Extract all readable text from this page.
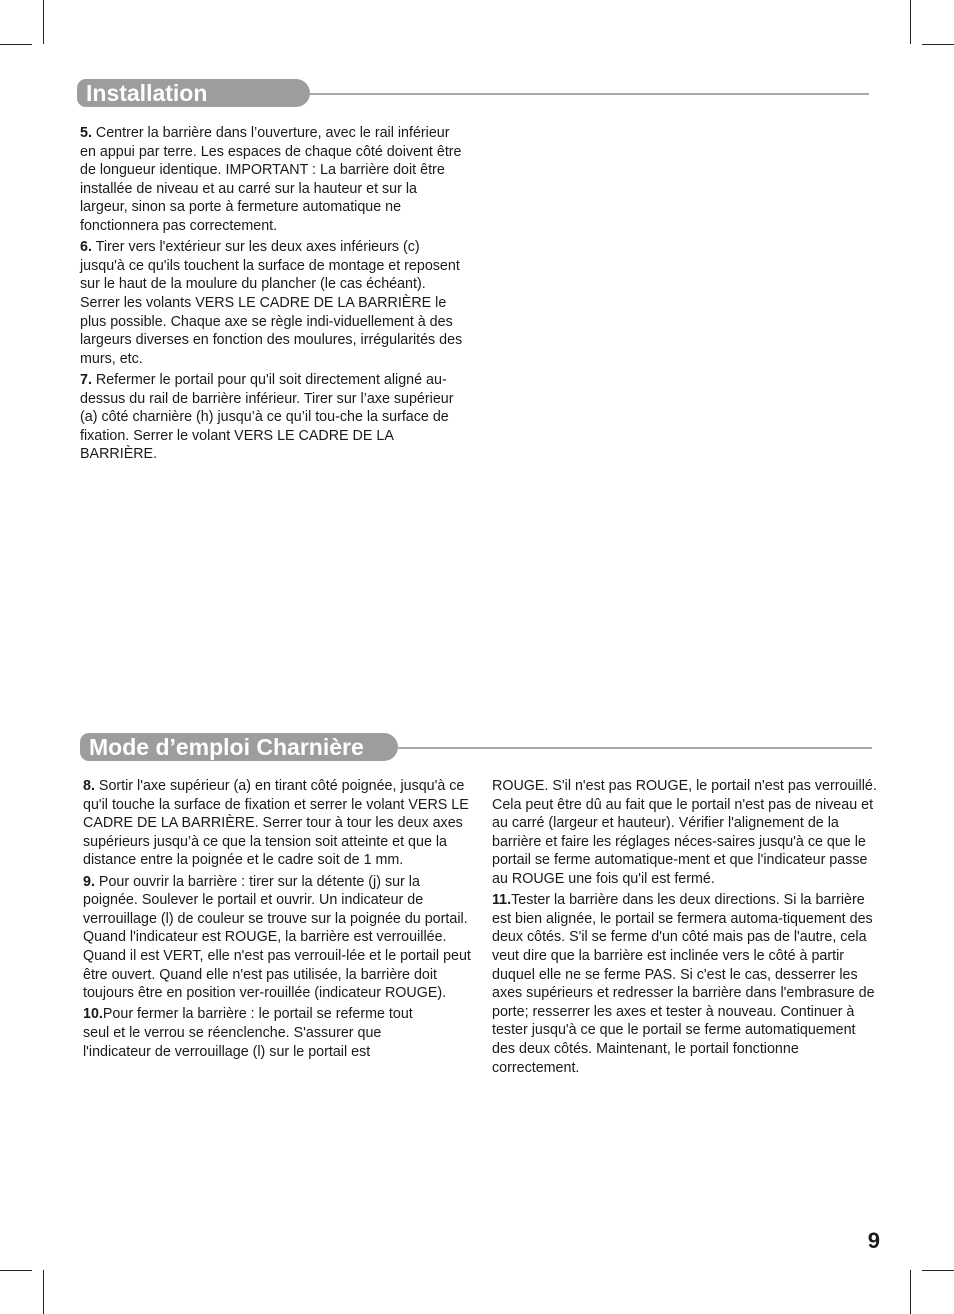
Installation

5. Centrer la barrière dans l’ouverture, avec le rail inférieur en appui par terre. Les espaces de chaque côté doivent être de longueur identique. IMPORTANT : La barrière doit être installée de niveau et au carré sur la hauteur et sur la largeur, sinon sa porte à fermeture automatique ne fonctionnera pas correctement.

6. Tirer vers l'extérieur sur les deux axes inférieurs (c) jusqu'à ce qu'ils touchent la surface de montage et reposent sur le haut de la moulure du plancher (le cas échéant). Serrer les volants VERS LE CADRE DE LA BARRIÈRE le plus possible. Chaque axe se règle indi-viduellement à des largeurs diverses en fonction des moulures, irrégularités des murs, etc.

7. Refermer le portail pour qu'il soit directement aligné au-dessus du rail de barrière inférieur. Tirer sur l’axe supérieur (a) côté charnière (h) jusqu’à ce qu’il tou-che la surface de fixation. Serrer le volant VERS LE CADRE DE LA BARRIÈRE.

Mode d’emploi Charnière

8. Sortir l'axe supérieur (a) en tirant côté poignée, jusqu'à ce qu'il touche la surface de fixation et serrer le volant VERS LE CADRE DE LA BARRIÈRE. Serrer tour à tour les deux axes supérieurs jusqu’à ce que la tension soit atteinte et que la distance entre la poignée et le cadre soit de 1 mm.

9. Pour ouvrir la barrière : tirer sur la détente (j) sur la poignée. Soulever le portail et ouvrir. Un indicateur de verrouillage (l) de couleur se trouve sur la poignée du portail. Quand l'indicateur est ROUGE, la barrière est verrouillée. Quand il est VERT, elle n'est pas verrouil-lée et le portail peut être ouvert. Quand elle n'est pas utilisée, la barrière doit toujours être en position ver-rouillée (indicateur ROUGE).

10.Pour fermer la barrière : le portail se referme tout seul et le verrou se réenclenche. S'assurer que l'indicateur de verrouillage (l) sur le portail est

ROUGE. S'il n'est pas ROUGE, le portail n'est pas verrouillé. Cela peut être dû au fait que le portail n'est pas de niveau et au carré (largeur et hauteur). Vérifier l'alignement de la barrière et faire les réglages néces-saires jusqu'à ce que le portail se ferme automatique-ment et que l'indicateur passe au ROUGE une fois qu'il est fermé.

11.Tester la barrière dans les deux directions. Si la barrière est bien alignée, le portail se fermera automa-tiquement des deux côtés. S'il se ferme d'un côté mais pas de l'autre, cela veut dire que la barrière est inclinée vers le côté à partir duquel elle ne se ferme PAS. Si c'est le cas, desserrer les axes supérieurs et redresser la barrière dans l'embrasure de porte; resserrer les axes et tester à nouveau. Continuer à tester jusqu'à ce que le portail se ferme automatiquement des deux côtés. Maintenant, le portail fonctionne correctement.

9
